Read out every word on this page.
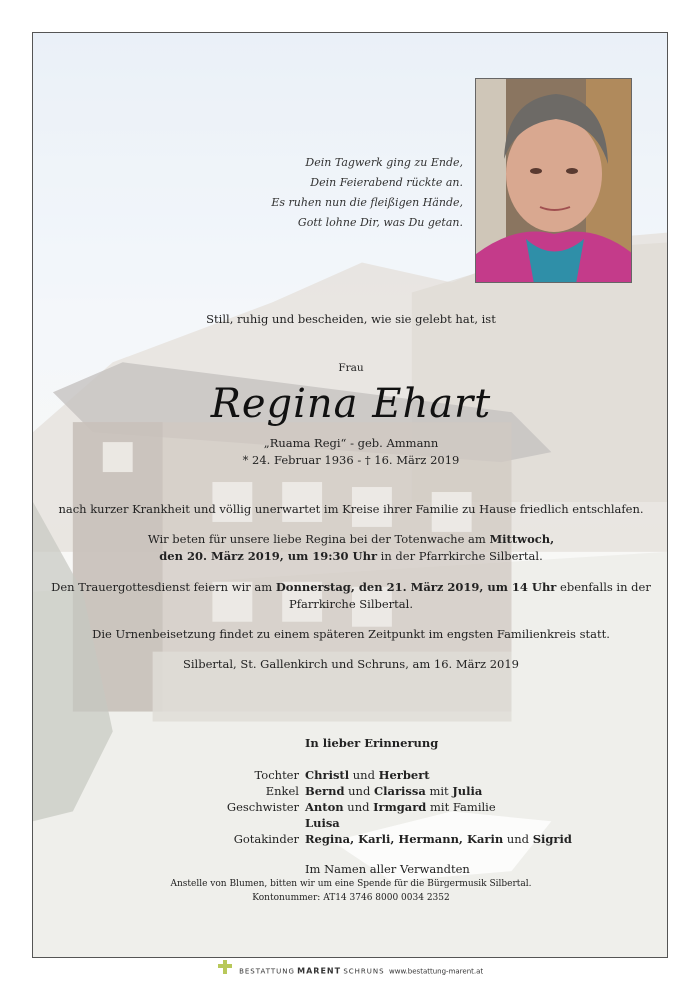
Dein Tagwerk ging zu Ende,
Dein Feierabend rückte an.
Es ruhen nun die fleißigen Hände,
Gott lohne Dir, was Du getan.
Still, ruhig und bescheiden, wie sie gelebt hat, ist
Frau
Regina Ehart
„Ruama Regi“ - geb. Ammann
* 24. Februar 1936 - † 16. März 2019
nach kurzer Krankheit und völlig unerwartet im Kreise ihrer Familie zu Hause friedlich entschlafen.
Wir beten für unsere liebe Regina bei der Totenwache am Mittwoch,
den 20. März 2019, um 19:30 Uhr in der Pfarrkirche Silbertal.
Den Trauergottesdienst feiern wir am Donnerstag, den 21. März 2019, um 14 Uhr ebenfalls in der
Pfarrkirche Silbertal.
Die Urnenbeisetzung findet zu einem späteren Zeitpunkt im engsten Familienkreis statt.
Silbertal, St. Gallenkirch und Schruns, am 16. März 2019
In lieber Erinnerung
Tochter Christl und Herbert
Enkel Bernd und Clarissa mit Julia
Geschwister Anton und Irmgard mit Familie
Luisa
Gotakinder Regina, Karli, Hermann, Karin und Sigrid
Im Namen aller Verwandten
Anstelle von Blumen, bitten wir um eine Spende für die Bürgermusik Silbertal.
Kontonummer: AT14 3746 8000 0034 2352
BESTATTUNG MARENT SCHRUNS www.bestattung-marent.at
